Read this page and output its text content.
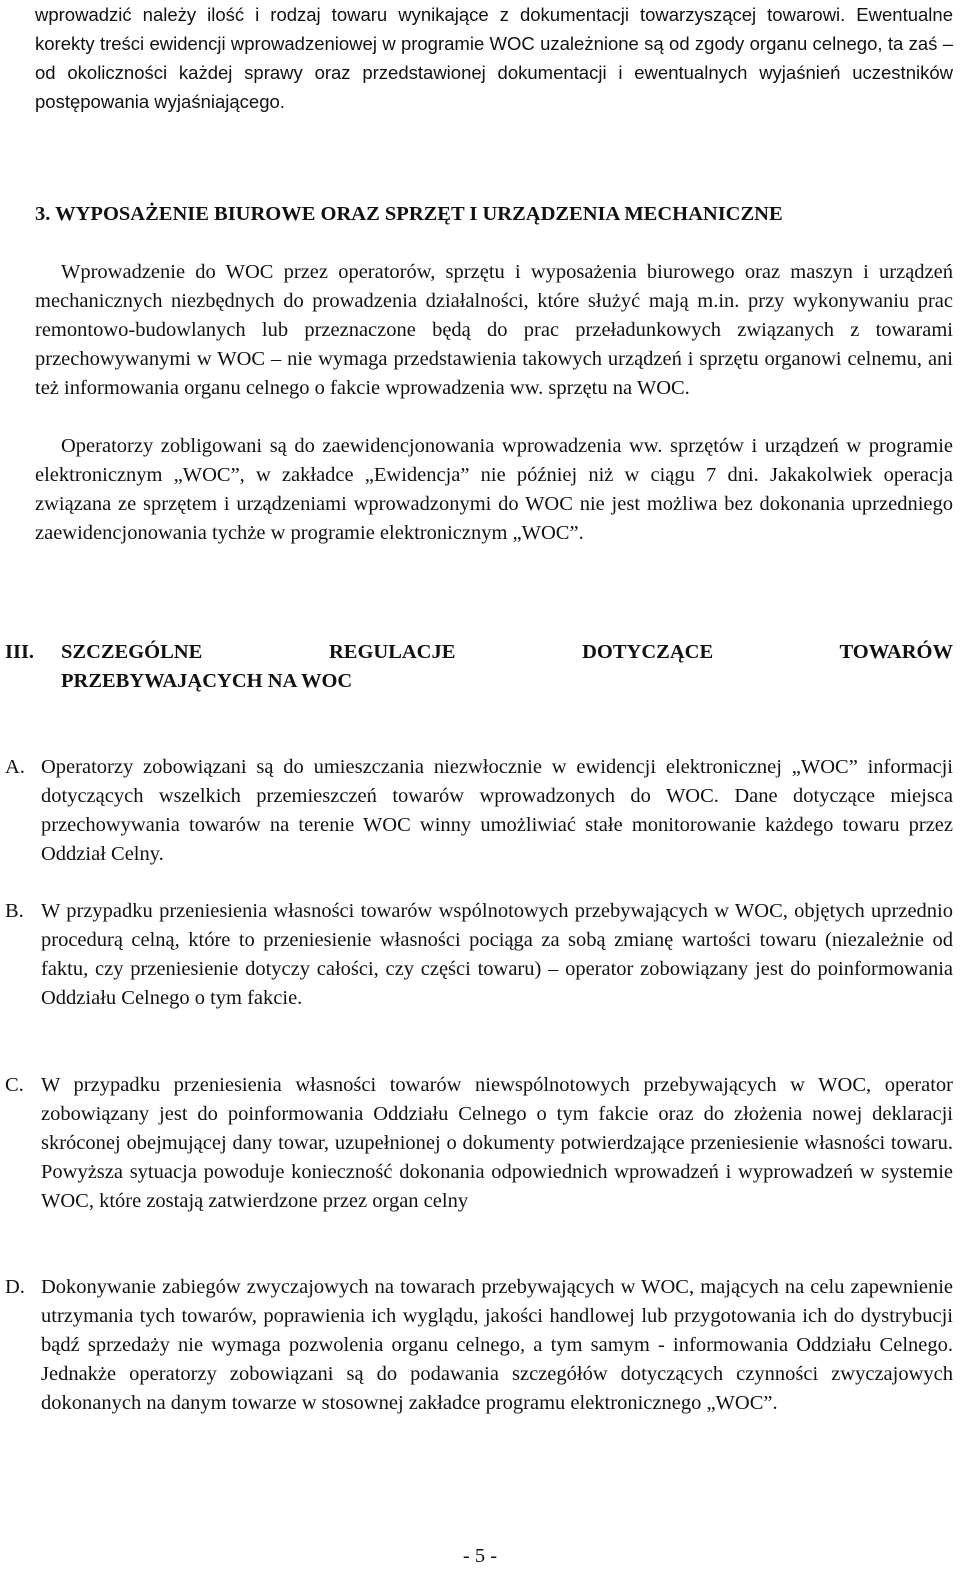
wprowadzić należy ilość i rodzaj towaru wynikające z dokumentacji towarzyszącej towarowi. Ewentualne korekty treści ewidencji wprowadzeniowej w programie WOC uzależnione są od zgody organu celnego, ta zaś – od okoliczności każdej sprawy oraz przedstawionej dokumentacji i ewentualnych wyjaśnień uczestników postępowania wyjaśniającego.

3. WYPOSAŻENIE BIUROWE ORAZ SPRZĘT I URZĄDZENIA MECHANICZNE

Wprowadzenie do WOC przez operatorów, sprzętu i wyposażenia biurowego oraz maszyn i urządzeń mechanicznych niezbędnych do prowadzenia działalności, które służyć mają m.in. przy wykonywaniu prac remontowo-budowlanych lub przeznaczone będą do prac przeładunkowych związanych z towarami przechowywanymi w WOC – nie wymaga przedstawienia takowych urządzeń i sprzętu organowi celnemu, ani też informowania organu celnego o fakcie wprowadzenia ww. sprzętu na WOC.

Operatorzy zobligowani są do zaewidencjonowania wprowadzenia ww. sprzętów i urządzeń w programie elektronicznym „WOC”, w zakładce „Ewidencja” nie później niż w ciągu 7 dni. Jakakolwiek operacja związana ze sprzętem i urządzeniami wprowadzonymi do WOC nie jest możliwa bez dokonania uprzedniego zaewidencjonowania tychże w programie elektronicznym „WOC”.

III. SZCZEGÓLNE REGULACJE DOTYCZĄCE TOWARÓW
PRZEBYWAJĄCYCH NA WOC
A. Operatorzy zobowiązani są do umieszczania niezwłocznie w ewidencji elektronicznej „WOC” informacji dotyczących wszelkich przemieszczeń towarów wprowadzonych do WOC. Dane dotyczące miejsca przechowywania towarów na terenie WOC winny umożliwiać stałe monitorowanie każdego towaru przez Oddział Celny.

B. W przypadku przeniesienia własności towarów wspólnotowych przebywających w WOC, objętych uprzednio procedurą celną, które to przeniesienie własności pociąga za sobą zmianę wartości towaru (niezależnie od faktu, czy przeniesienie dotyczy całości, czy części towaru) – operator zobowiązany jest do poinformowania Oddziału Celnego o tym fakcie.

C. W przypadku przeniesienia własności towarów niewspólnotowych przebywających w WOC, operator zobowiązany jest do poinformowania Oddziału Celnego o tym fakcie oraz do złożenia nowej deklaracji skróconej obejmującej dany towar, uzupełnionej o dokumenty potwierdzające przeniesienie własności towaru. Powyższa sytuacja powoduje konieczność dokonania odpowiednich wprowadzeń i wyprowadzeń w systemie WOC, które zostają zatwierdzone przez organ celny

D. Dokonywanie zabiegów zwyczajowych na towarach przebywających w WOC, mających na celu zapewnienie utrzymania tych towarów, poprawienia ich wyglądu, jakości handlowej lub przygotowania ich do dystrybucji bądź sprzedaży nie wymaga pozwolenia organu celnego, a tym samym - informowania Oddziału Celnego. Jednakże operatorzy zobowiązani są do podawania szczegółów dotyczących czynności zwyczajowych dokonanych na danym towarze w stosownej zakładce programu elektronicznego „WOC”.

- 5 -
